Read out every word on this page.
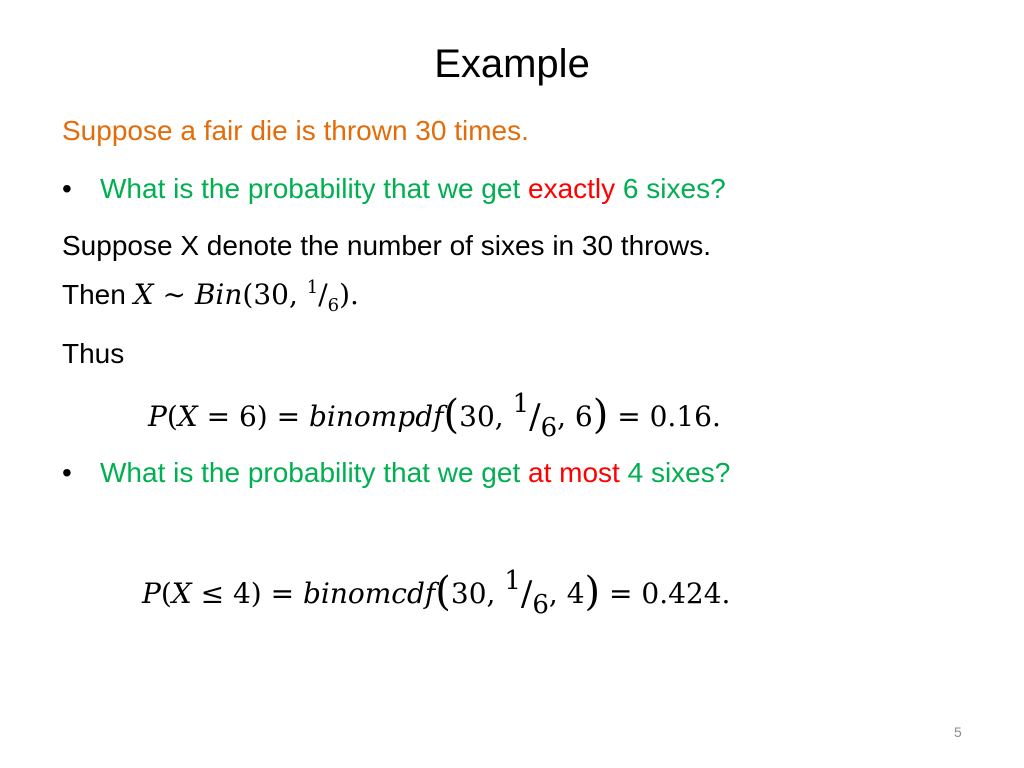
Example
Suppose a fair die is thrown 30 times.
• What is the probability that we get exactly 6 sixes?
Suppose X denote the number of sixes in 30 throws.
Then X ∼ Bin(30, $^1/_6$).
Thus
P(X = 6) = binompdf(30, 1/6, 6) = 0.16.
• What is the probability that we get at most 4 sixes?
P(X ≤ 4) = binomcdf(30, 1/6, 4) = 0.424.
5
